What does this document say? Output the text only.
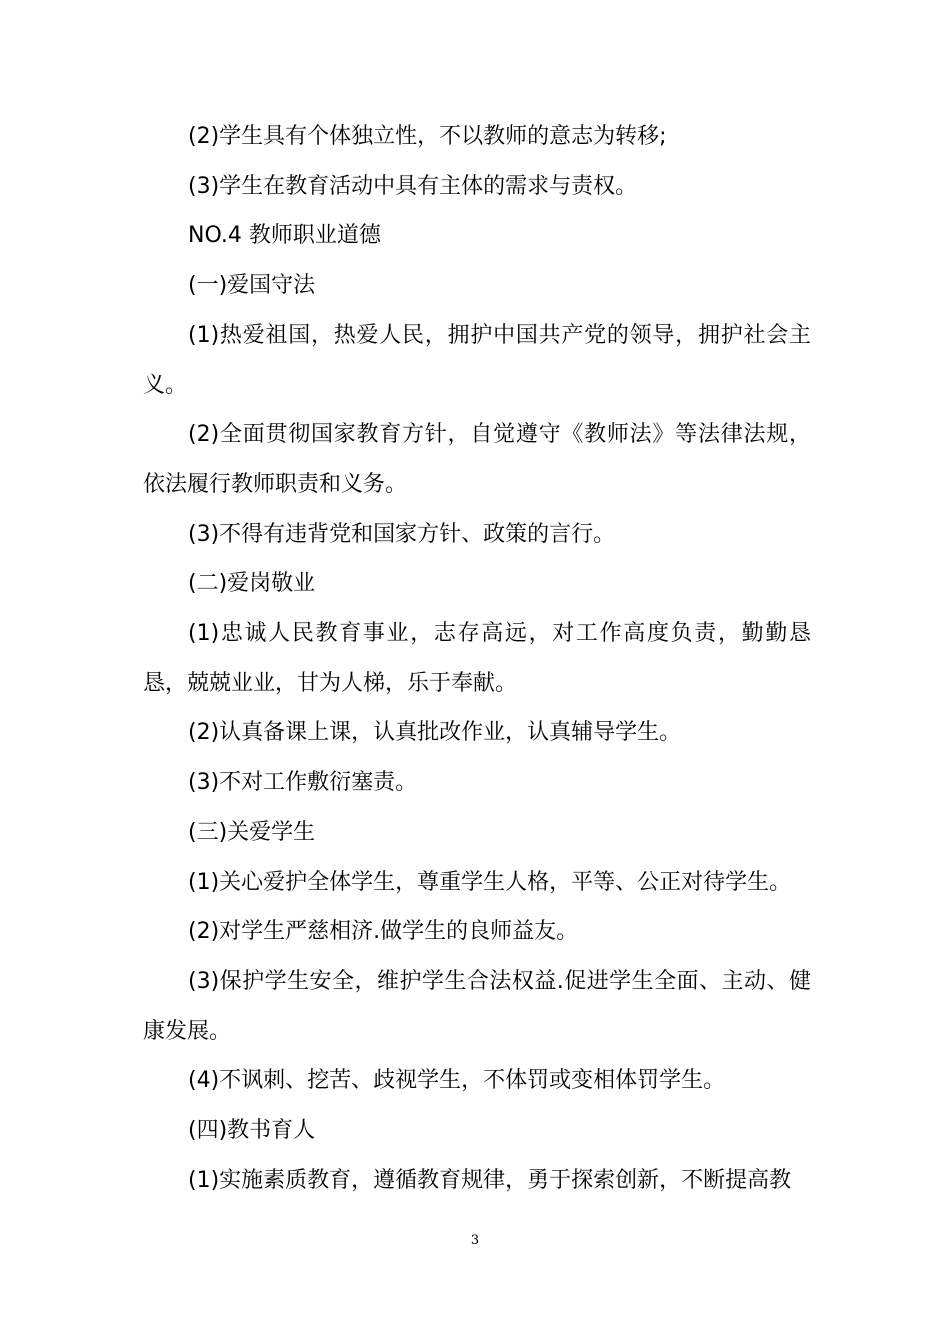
(2)学生具有个体独立性，不以教师的意志为转移;

(3)学生在教育活动中具有主体的需求与责权。

NO.4 教师职业道德

(一)爱国守法

(1)热爱祖国，热爱人民，拥护中国共产党的领导，拥护社会主义。

(2)全面贯彻国家教育方针，自觉遵守《教师法》等法律法规，依法履行教师职责和义务。

(3)不得有违背党和国家方针、政策的言行。

(二)爱岗敬业

(1)忠诚人民教育事业，志存高远，对工作高度负责，勤勤恳恳，兢兢业业，甘为人梯，乐于奉献。

(2)认真备课上课，认真批改作业，认真辅导学生。

(3)不对工作敷衍塞责。

(三)关爱学生

(1)关心爱护全体学生，尊重学生人格，平等、公正对待学生。

(2)对学生严慈相济.做学生的良师益友。

(3)保护学生安全，维护学生合法权益.促进学生全面、主动、健康发展。

(4)不讽刺、挖苦、歧视学生，不体罚或变相体罚学生。

(四)教书育人

(1)实施素质教育，遵循教育规律，勇于探索创新，不断提高教

3
